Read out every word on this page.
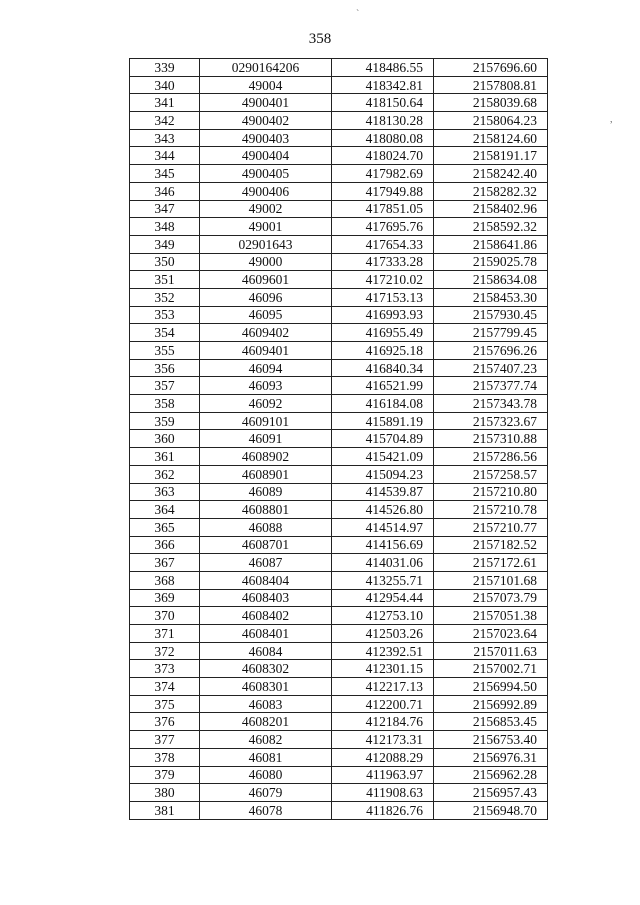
`
,
358
339	0290164206	418486.55	2157696.60
340	49004	418342.81	2157808.81
341	4900401	418150.64	2158039.68
342	4900402	418130.28	2158064.23
343	4900403	418080.08	2158124.60
344	4900404	418024.70	2158191.17
345	4900405	417982.69	2158242.40
346	4900406	417949.88	2158282.32
347	49002	417851.05	2158402.96
348	49001	417695.76	2158592.32
349	02901643	417654.33	2158641.86
350	49000	417333.28	2159025.78
351	4609601	417210.02	2158634.08
352	46096	417153.13	2158453.30
353	46095	416993.93	2157930.45
354	4609402	416955.49	2157799.45
355	4609401	416925.18	2157696.26
356	46094	416840.34	2157407.23
357	46093	416521.99	2157377.74
358	46092	416184.08	2157343.78
359	4609101	415891.19	2157323.67
360	46091	415704.89	2157310.88
361	4608902	415421.09	2157286.56
362	4608901	415094.23	2157258.57
363	46089	414539.87	2157210.80
364	4608801	414526.80	2157210.78
365	46088	414514.97	2157210.77
366	4608701	414156.69	2157182.52
367	46087	414031.06	2157172.61
368	4608404	413255.71	2157101.68
369	4608403	412954.44	2157073.79
370	4608402	412753.10	2157051.38
371	4608401	412503.26	2157023.64
372	46084	412392.51	2157011.63
373	4608302	412301.15	2157002.71
374	4608301	412217.13	2156994.50
375	46083	412200.71	2156992.89
376	4608201	412184.76	2156853.45
377	46082	412173.31	2156753.40
378	46081	412088.29	2156976.31
379	46080	411963.97	2156962.28
380	46079	411908.63	2156957.43
381	46078	411826.76	2156948.70
